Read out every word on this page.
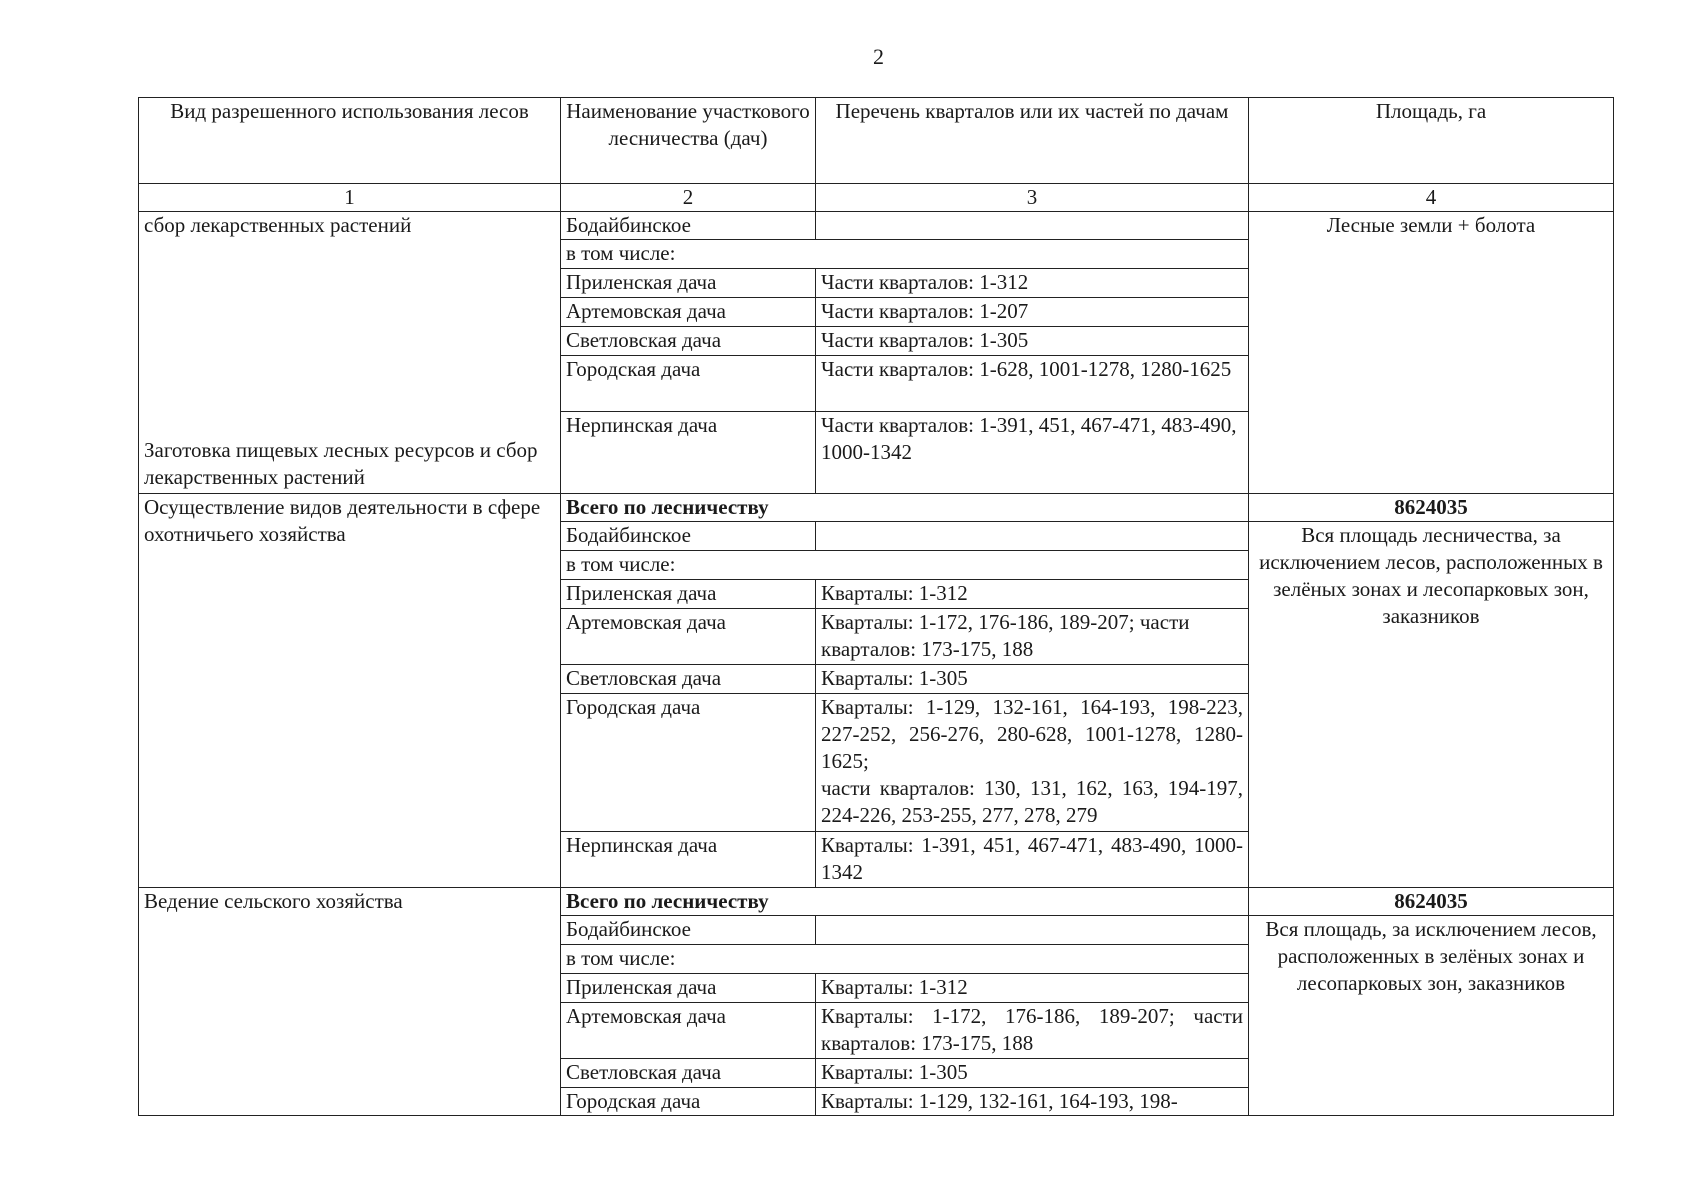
2
Вид разрешенного использования лесов	Наименование участкового лесничества (дач)	Перечень кварталов или их частей по дачам	Площадь, га
1	2	3	4

сбор лекарственных растений
Заготовка пищевых лесных ресурсов и сбор лекарственных растений	Бодайбинское		Лесные земли + болота
	в том числе:		
	Приленская дача	Части кварталов: 1-312	
	Артемовская дача	Части кварталов: 1-207	
	Светловская дача	Части кварталов: 1-305	
	Городская дача	Части кварталов: 1-628, 1001-1278, 1280-1625	
	Нерпинская дача	Части кварталов: 1-391, 451, 467-471, 483-490, 1000-1342	
Осуществление видов деятельности в сфере охотничьего хозяйства	Всего по лесничеству		8624035
	Бодайбинское		Вся площадь лесничества, за исключением лесов, расположенных в зелёных зонах и лесопарковых зон, заказников
	в том числе:		
	Приленская дача	Кварталы: 1-312	
	Артемовская дача	Кварталы: 1-172, 176-186, 189-207; части кварталов: 173-175, 188	
	Светловская дача	Кварталы: 1-305	
	Городская дача	Кварталы: 1-129, 132-161, 164-193, 198-223, 227-252, 256-276, 280-628, 1001-1278, 1280-1625;
части кварталов: 130, 131, 162, 163, 194-197, 224-226, 253-255, 277, 278, 279	

	Нерпинская дача	Кварталы: 1-391, 451, 467-471, 483-490, 1000-1342	
Ведение сельского хозяйства	Всего по лесничеству		8624035
	Бодайбинское		Вся площадь, за исключением лесов, расположенных в зелёных зонах и лесопарковых зон, заказников
	в том числе:		
	Приленская дача	Кварталы: 1-312	
	Артемовская дача	Кварталы: 1-172, 176-186, 189-207; части кварталов: 173-175, 188	
	Светловская дача	Кварталы: 1-305	
	Городская дача	Кварталы: 1-129, 132-161, 164-193, 198-	
